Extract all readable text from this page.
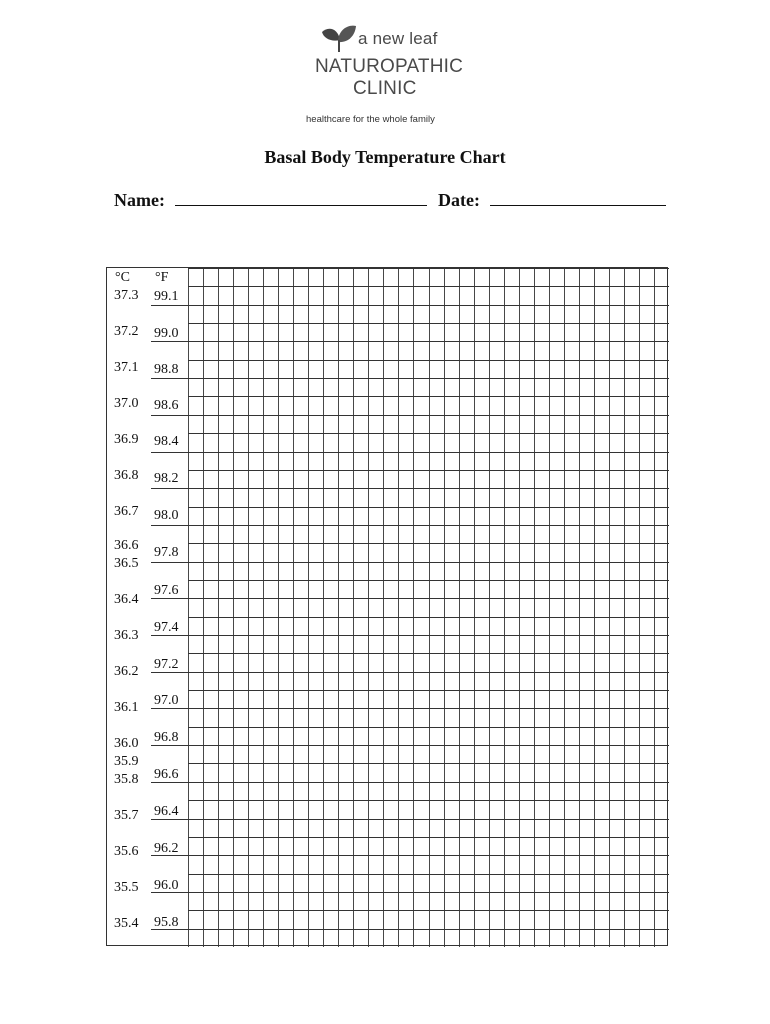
a new leaf
NATUROPATHIC
CLINIC
healthcare for the whole family
Basal Body Temperature Chart
Name:	Date:
°C °F
37.3
37.2
37.1
37.0
36.9
36.8
36.7
36.6
36.5
36.4
36.3
36.2
36.1
36.0
35.9
35.8
35.7
35.6
35.5
35.4
99.1
99.0
98.8
98.6
98.4
98.2
98.0
97.8
97.6
97.4
97.2
97.0
96.8
96.6
96.4
96.2
96.0
95.8
